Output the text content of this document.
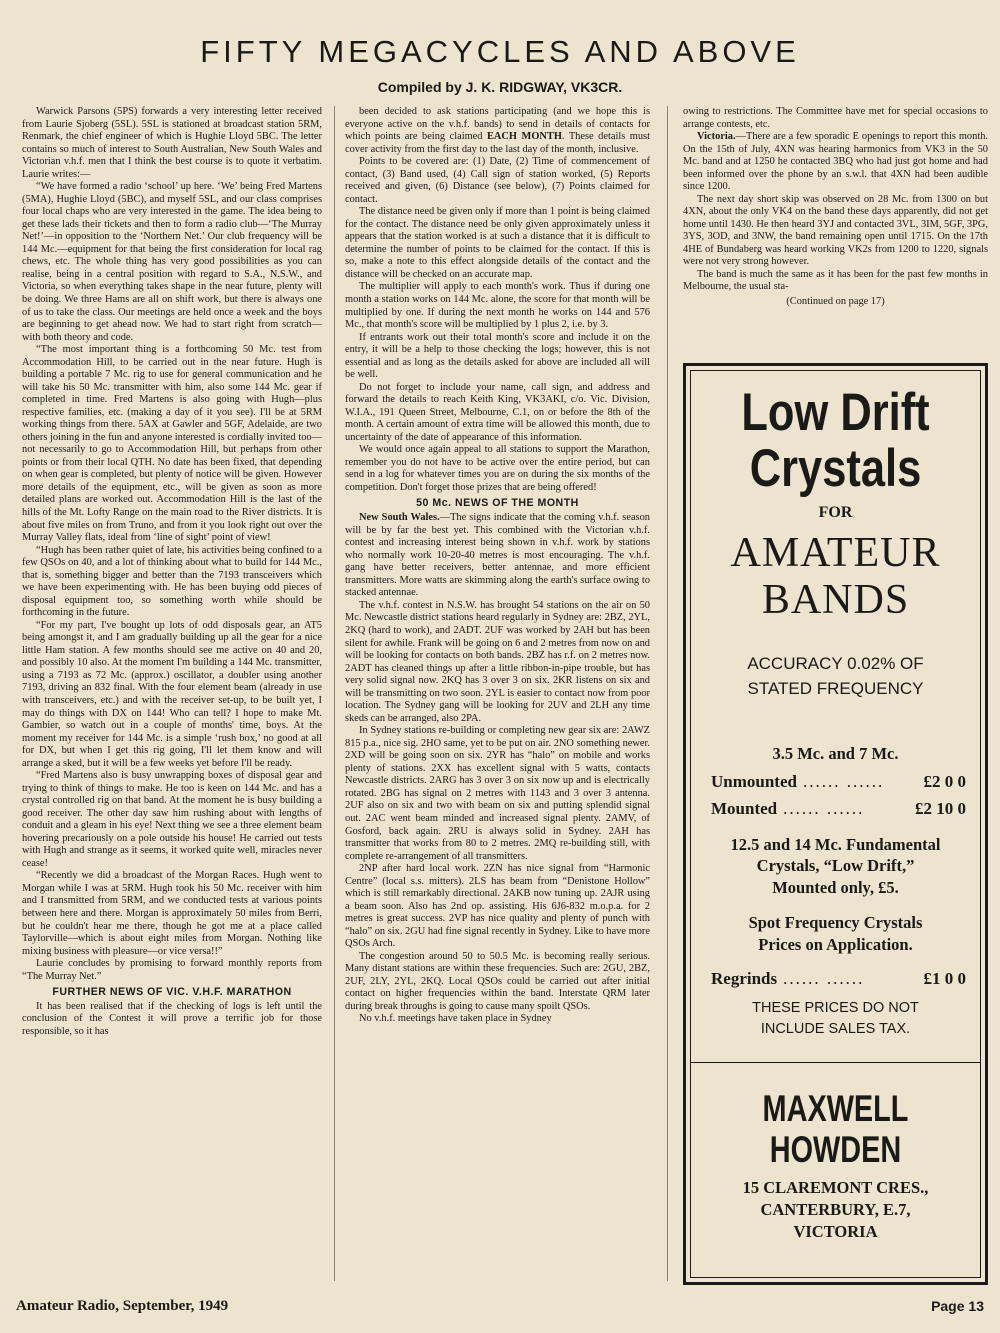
FIFTY MEGACYCLES AND ABOVE
Compiled by J. K. RIDGWAY, VK3CR.

Warwick Parsons (5PS) forwards a very interesting letter received from Laurie Sjoberg (5SL). 5SL is stationed at broadcast station 5RM, Renmark, the chief engineer of which is Hughie Lloyd 5BC. The letter contains so much of interest to South Australian, New South Wales and Victorian v.h.f. men that I think the best course is to quote it verbatim. Laurie writes:—

“We have formed a radio ‘school’ up here. ‘We’ being Fred Martens (5MA), Hughie Lloyd (5BC), and myself 5SL, and our class comprises four local chaps who are very interested in the game. The idea being to get these lads their tickets and then to form a radio club—‘The Murray Net!’—in opposition to the ‘Northern Net.’ Our club frequency will be 144 Mc.—equipment for that being the first consideration for local rag chews, etc. The whole thing has very good possibilities as you can realise, being in a central position with regard to S.A., N.S.W., and Victoria, so when everything takes shape in the near future, plenty will be doing. We three Hams are all on shift work, but there is always one of us to take the class. Our meetings are held once a week and the boys are beginning to get ahead now. We had to start right from scratch—with both theory and code.

“The most important thing is a forthcoming 50 Mc. test from Accommodation Hill, to be carried out in the near future. Hugh is building a portable 7 Mc. rig to use for general communication and he will take his 50 Mc. transmitter with him, also some 144 Mc. gear if completed in time. Fred Martens is also going with Hugh—plus respective families, etc. (making a day of it you see). I'll be at 5RM working things from there. 5AX at Gawler and 5GF, Adelaide, are two others joining in the fun and anyone interested is cordially invited too—not necessarily to go to Accommodation Hill, but perhaps from other points or from their local QTH. No date has been fixed, that depending on when gear is completed, but plenty of notice will be given. However more details of the equipment, etc., will be given as soon as more detailed plans are worked out. Accommodation Hill is the last of the hills of the Mt. Lofty Range on the main road to the River districts. It is about five miles on from Truno, and from it you look right out over the Murray Valley flats, ideal from ‘line of sight’ point of view!

“Hugh has been rather quiet of late, his activities being confined to a few QSOs on 40, and a lot of thinking about what to build for 144 Mc., that is, something bigger and better than the 7193 transceivers which we have been experimenting with. He has been buying odd pieces of disposal equipment too, so something worth while should be forthcoming in the future.

“For my part, I've bought up lots of odd disposals gear, an AT5 being amongst it, and I am gradually building up all the gear for a nice little Ham station. A few months should see me active on 40 and 20, and possibly 10 also. At the moment I'm building a 144 Mc. transmitter, using a 7193 as 72 Mc. (approx.) oscillator, a doubler using another 7193, driving an 832 final. With the four element beam (already in use with transceivers, etc.) and with the receiver set-up, to be built yet, I may do things with DX on 144! Who can tell? I hope to make Mt. Gambier, so watch out in a couple of months' time, boys. At the moment my receiver for 144 Mc. is a simple ‘rush box,’ no good at all for DX, but when I get this rig going, I'll let them know and will arrange a sked, but it will be a few weeks yet before I'll be ready.

“Fred Martens also is busy unwrapping boxes of disposal gear and trying to think of things to make. He too is keen on 144 Mc. and has a crystal controlled rig on that band. At the moment he is busy building a good receiver. The other day saw him rushing about with lengths of conduit and a gleam in his eye! Next thing we see a three element beam hovering precariously on a pole outside his house! He carried out tests with Hugh and strange as it seems, it worked quite well, miracles never cease!

“Recently we did a broadcast of the Morgan Races. Hugh went to Morgan while I was at 5RM. Hugh took his 50 Mc. receiver with him and I transmitted from 5RM, and we conducted tests at various points between here and there. Morgan is approximately 50 miles from Berri, but he couldn't hear me there, though he got me at a place called Taylorville—which is about eight miles from Morgan. Nothing like mixing business with pleasure—or vice versa!!”

Laurie concludes by promising to forward monthly reports from “The Murray Net.”

FURTHER NEWS OF VIC. V.H.F. MARATHON

It has been realised that if the checking of logs is left until the conclusion of the Contest it will prove a terrific job for those responsible, so it has

been decided to ask stations participating (and we hope this is everyone active on the v.h.f. bands) to send in details of contacts for which points are being claimed EACH MONTH. These details must cover activity from the first day to the last day of the month, inclusive.

Points to be covered are: (1) Date, (2) Time of commencement of contact, (3) Band used, (4) Call sign of station worked, (5) Reports received and given, (6) Distance (see below), (7) Points claimed for contact.

The distance need be given only if more than 1 point is being claimed for the contact. The distance need be only given approximately unless it appears that the station worked is at such a distance that it is difficult to determine the number of points to be claimed for the contact. If this is so, make a note to this effect alongside details of the contact and the distance will be checked on an accurate map.

The multiplier will apply to each month's work. Thus if during one month a station works on 144 Mc. alone, the score for that month will be multiplied by one. If during the next month he works on 144 and 576 Mc., that month's score will be multiplied by 1 plus 2, i.e. by 3.

If entrants work out their total month's score and include it on the entry, it will be a help to those checking the logs; however, this is not essential and as long as the details asked for above are included all will be well.

Do not forget to include your name, call sign, and address and forward the details to reach Keith King, VK3AKI, c/o. Vic. Division, W.I.A., 191 Queen Street, Melbourne, C.1, on or before the 8th of the month. A certain amount of extra time will be allowed this month, due to uncertainty of the date of appearance of this information.

We would once again appeal to all stations to support the Marathon, remember you do not have to be active over the entire period, but can send in a log for whatever times you are on during the six months of the competition. Don't forget those prizes that are being offered!

50 Mc. NEWS OF THE MONTH

New South Wales.—The signs indicate that the coming v.h.f. season will be by far the best yet. This combined with the Victorian v.h.f. contest and increasing interest being shown in v.h.f. work by stations who normally work 10-20-40 metres is most encouraging. The v.h.f. gang have better receivers, better antennae, and more efficient transmitters. More watts are skimming along the earth's surface owing to stacked antennae.

The v.h.f. contest in N.S.W. has brought 54 stations on the air on 50 Mc. Newcastle district stations heard regularly in Sydney are: 2BZ, 2YL, 2KQ (hard to work), and 2ADT. 2UF was worked by 2AH but has been silent for awhile. Frank will be going on 6 and 2 metres from now on and will be looking for contacts on both bands. 2BZ has r.f. on 2 metres now. 2ADT has cleaned things up after a little ribbon-in-pipe trouble, but has very solid signal now. 2KQ has 3 over 3 on six. 2KR listens on six and will be transmitting on two soon. 2YL is easier to contact now from poor location. The Sydney gang will be looking for 2UV and 2LH any time skeds can be arranged, also 2PA.

In Sydney stations re-building or completing new gear six are: 2AWZ 815 p.a., nice sig. 2HO same, yet to be put on air. 2NO something newer. 2XD will be going soon on six. 2YR has “halo” on mobile and works plenty of stations. 2XX has excellent signal with 5 watts, contacts Newcastle districts. 2ARG has 3 over 3 on six now up and is electrically rotated. 2BG has signal on 2 metres with 1143 and 3 over 3 antenna. 2UF also on six and two with beam on six and putting splendid signal out. 2AC went beam minded and increased signal plenty. 2AMV, of Gosford, back again. 2RU is always solid in Sydney. 2AH has transmitter that works from 80 to 2 metres. 2MQ re-building still, with complete re-arrangement of all transmitters.

2NP after hard local work. 2ZN has nice signal from “Harmonic Centre” (local s.s. mitters). 2LS has beam from “Denistone Hollow” which is still remarkably directional. 2AKB now tuning up. 2AJR using a beam soon. Also has 2nd op. assisting. His 6J6-832 m.o.p.a. for 2 metres is great success. 2VP has nice quality and plenty of punch with “halo” on six. 2GU had fine signal recently in Sydney. Like to have more QSOs Arch.

The congestion around 50 to 50.5 Mc. is becoming really serious. Many distant stations are within these frequencies. Such are: 2GU, 2BZ, 2UF, 2LY, 2YL, 2KQ. Local QSOs could be carried out after initial contact on higher frequencies within the band. Interstate QRM later during break throughs is going to cause many spoilt QSOs.

No v.h.f. meetings have taken place in Sydney

owing to restrictions. The Committee have met for special occasions to arrange contests, etc.

Victoria.—There are a few sporadic E openings to report this month. On the 15th of July, 4XN was hearing harmonics from VK3 in the 50 Mc. band and at 1250 he contacted 3BQ who had just got home and had been informed over the phone by an s.w.l. that 4XN had been audible since 1200.

The next day short skip was observed on 28 Mc. from 1300 on but 4XN, about the only VK4 on the band these days apparently, did not get home until 1430. He then heard 3YJ and contacted 3VL, 3IM, 5GF, 3PG, 3YS, 3OD, and 3NW, the band remaining open until 1715. On the 17th 4HE of Bundaberg was heard working VK2s from 1200 to 1220, signals were not very strong however.

The band is much the same as it has been for the past few months in Melbourne, the usual sta-

(Continued on page 17)

Low Drift
Crystals
FOR
AMATEUR
BANDS
ACCURACY 0.02% OF
STATED FREQUENCY
3.5 Mc. and 7 Mc.
Unmounted ...... ......	£2 0 0
Mounted ...... ......	£2 10 0
12.5 and 14 Mc. Fundamental
Crystals, “Low Drift,”
Mounted only, £5.
Spot Frequency Crystals
Prices on Application.
Regrinds ...... ......	£1 0 0
THESE PRICES DO NOT
INCLUDE SALES TAX.
MAXWELL HOWDEN
15 CLAREMONT CRES.,
CANTERBURY, E.7,
VICTORIA
Amateur Radio, September, 1949	Page 13
